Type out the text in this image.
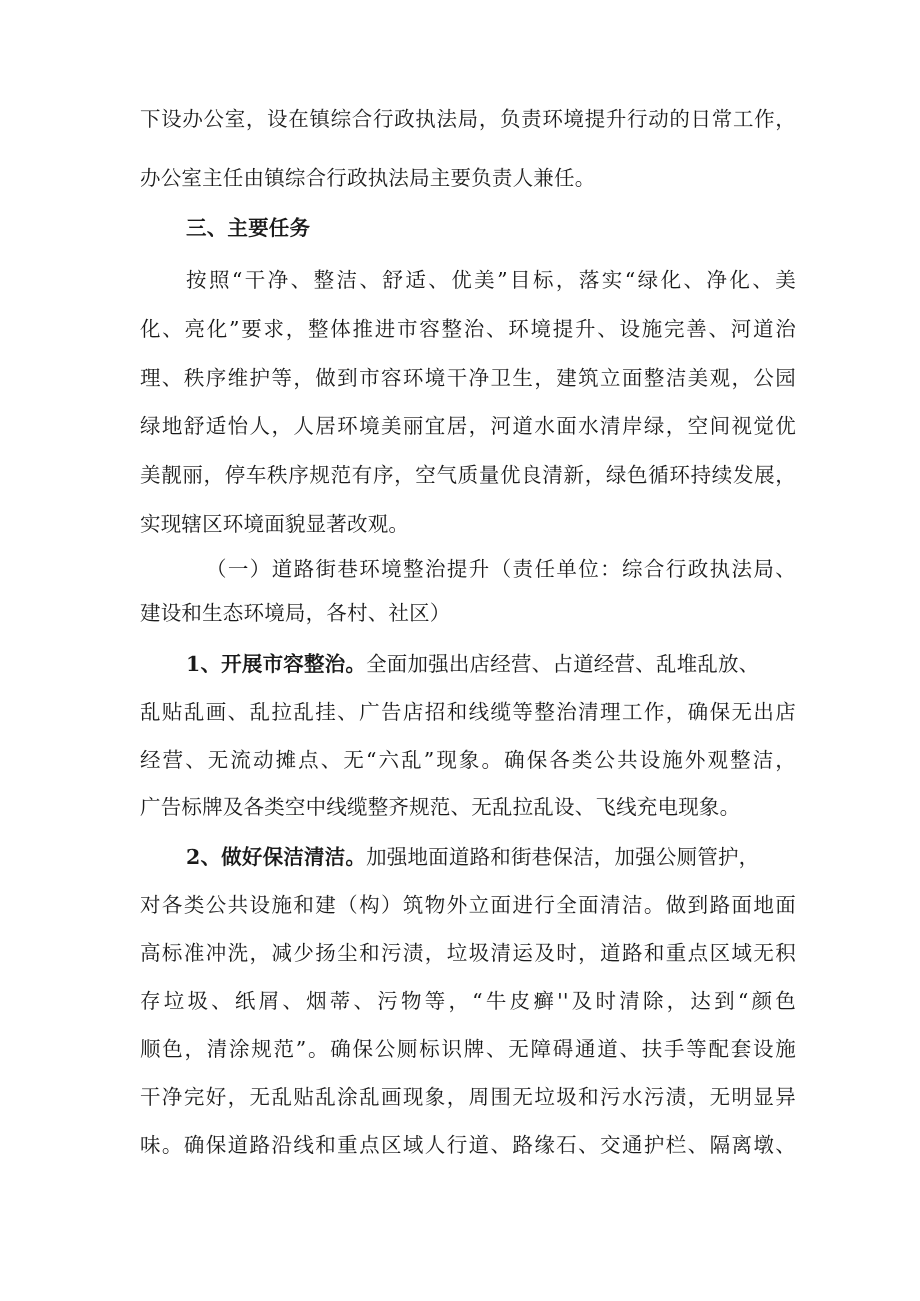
下设办公室，设在镇综合行政执法局，负责环境提升行动的日常工作，
办公室主任由镇综合行政执法局主要负责人兼任。
三、主要任务
按照“干净、整洁、舒适、优美”目标，落实“绿化、净化、美
化、亮化”要求，整体推进市容整治、环境提升、设施完善、河道治
理、秩序维护等，做到市容环境干净卫生，建筑立面整洁美观，公园
绿地舒适怡人，人居环境美丽宜居，河道水面水清岸绿，空间视觉优
美靓丽，停车秩序规范有序，空气质量优良清新，绿色循环持续发展，
实现辖区环境面貌显著改观。
（一）道路街巷环境整治提升（责任单位：综合行政执法局、
建设和生态环境局，各村、社区）
1、开展市容整治。全面加强出店经营、占道经营、乱堆乱放、
乱贴乱画、乱拉乱挂、广告店招和线缆等整治清理工作，确保无出店
经营、无流动摊点、无“六乱”现象。确保各类公共设施外观整洁，
广告标牌及各类空中线缆整齐规范、无乱拉乱设、飞线充电现象。
2、做好保洁清洁。加强地面道路和街巷保洁，加强公厕管护，
对各类公共设施和建（构）筑物外立面进行全面清洁。做到路面地面
高标准冲洗，减少扬尘和污渍，垃圾清运及时，道路和重点区域无积
存垃圾、纸屑、烟蒂、污物等，“牛皮癣''及时清除，达到“颜色
顺色，清涂规范”。确保公厕标识牌、无障碍通道、扶手等配套设施
干净完好，无乱贴乱涂乱画现象，周围无垃圾和污水污渍，无明显异
味。确保道路沿线和重点区域人行道、路缘石、交通护栏、隔离墩、
